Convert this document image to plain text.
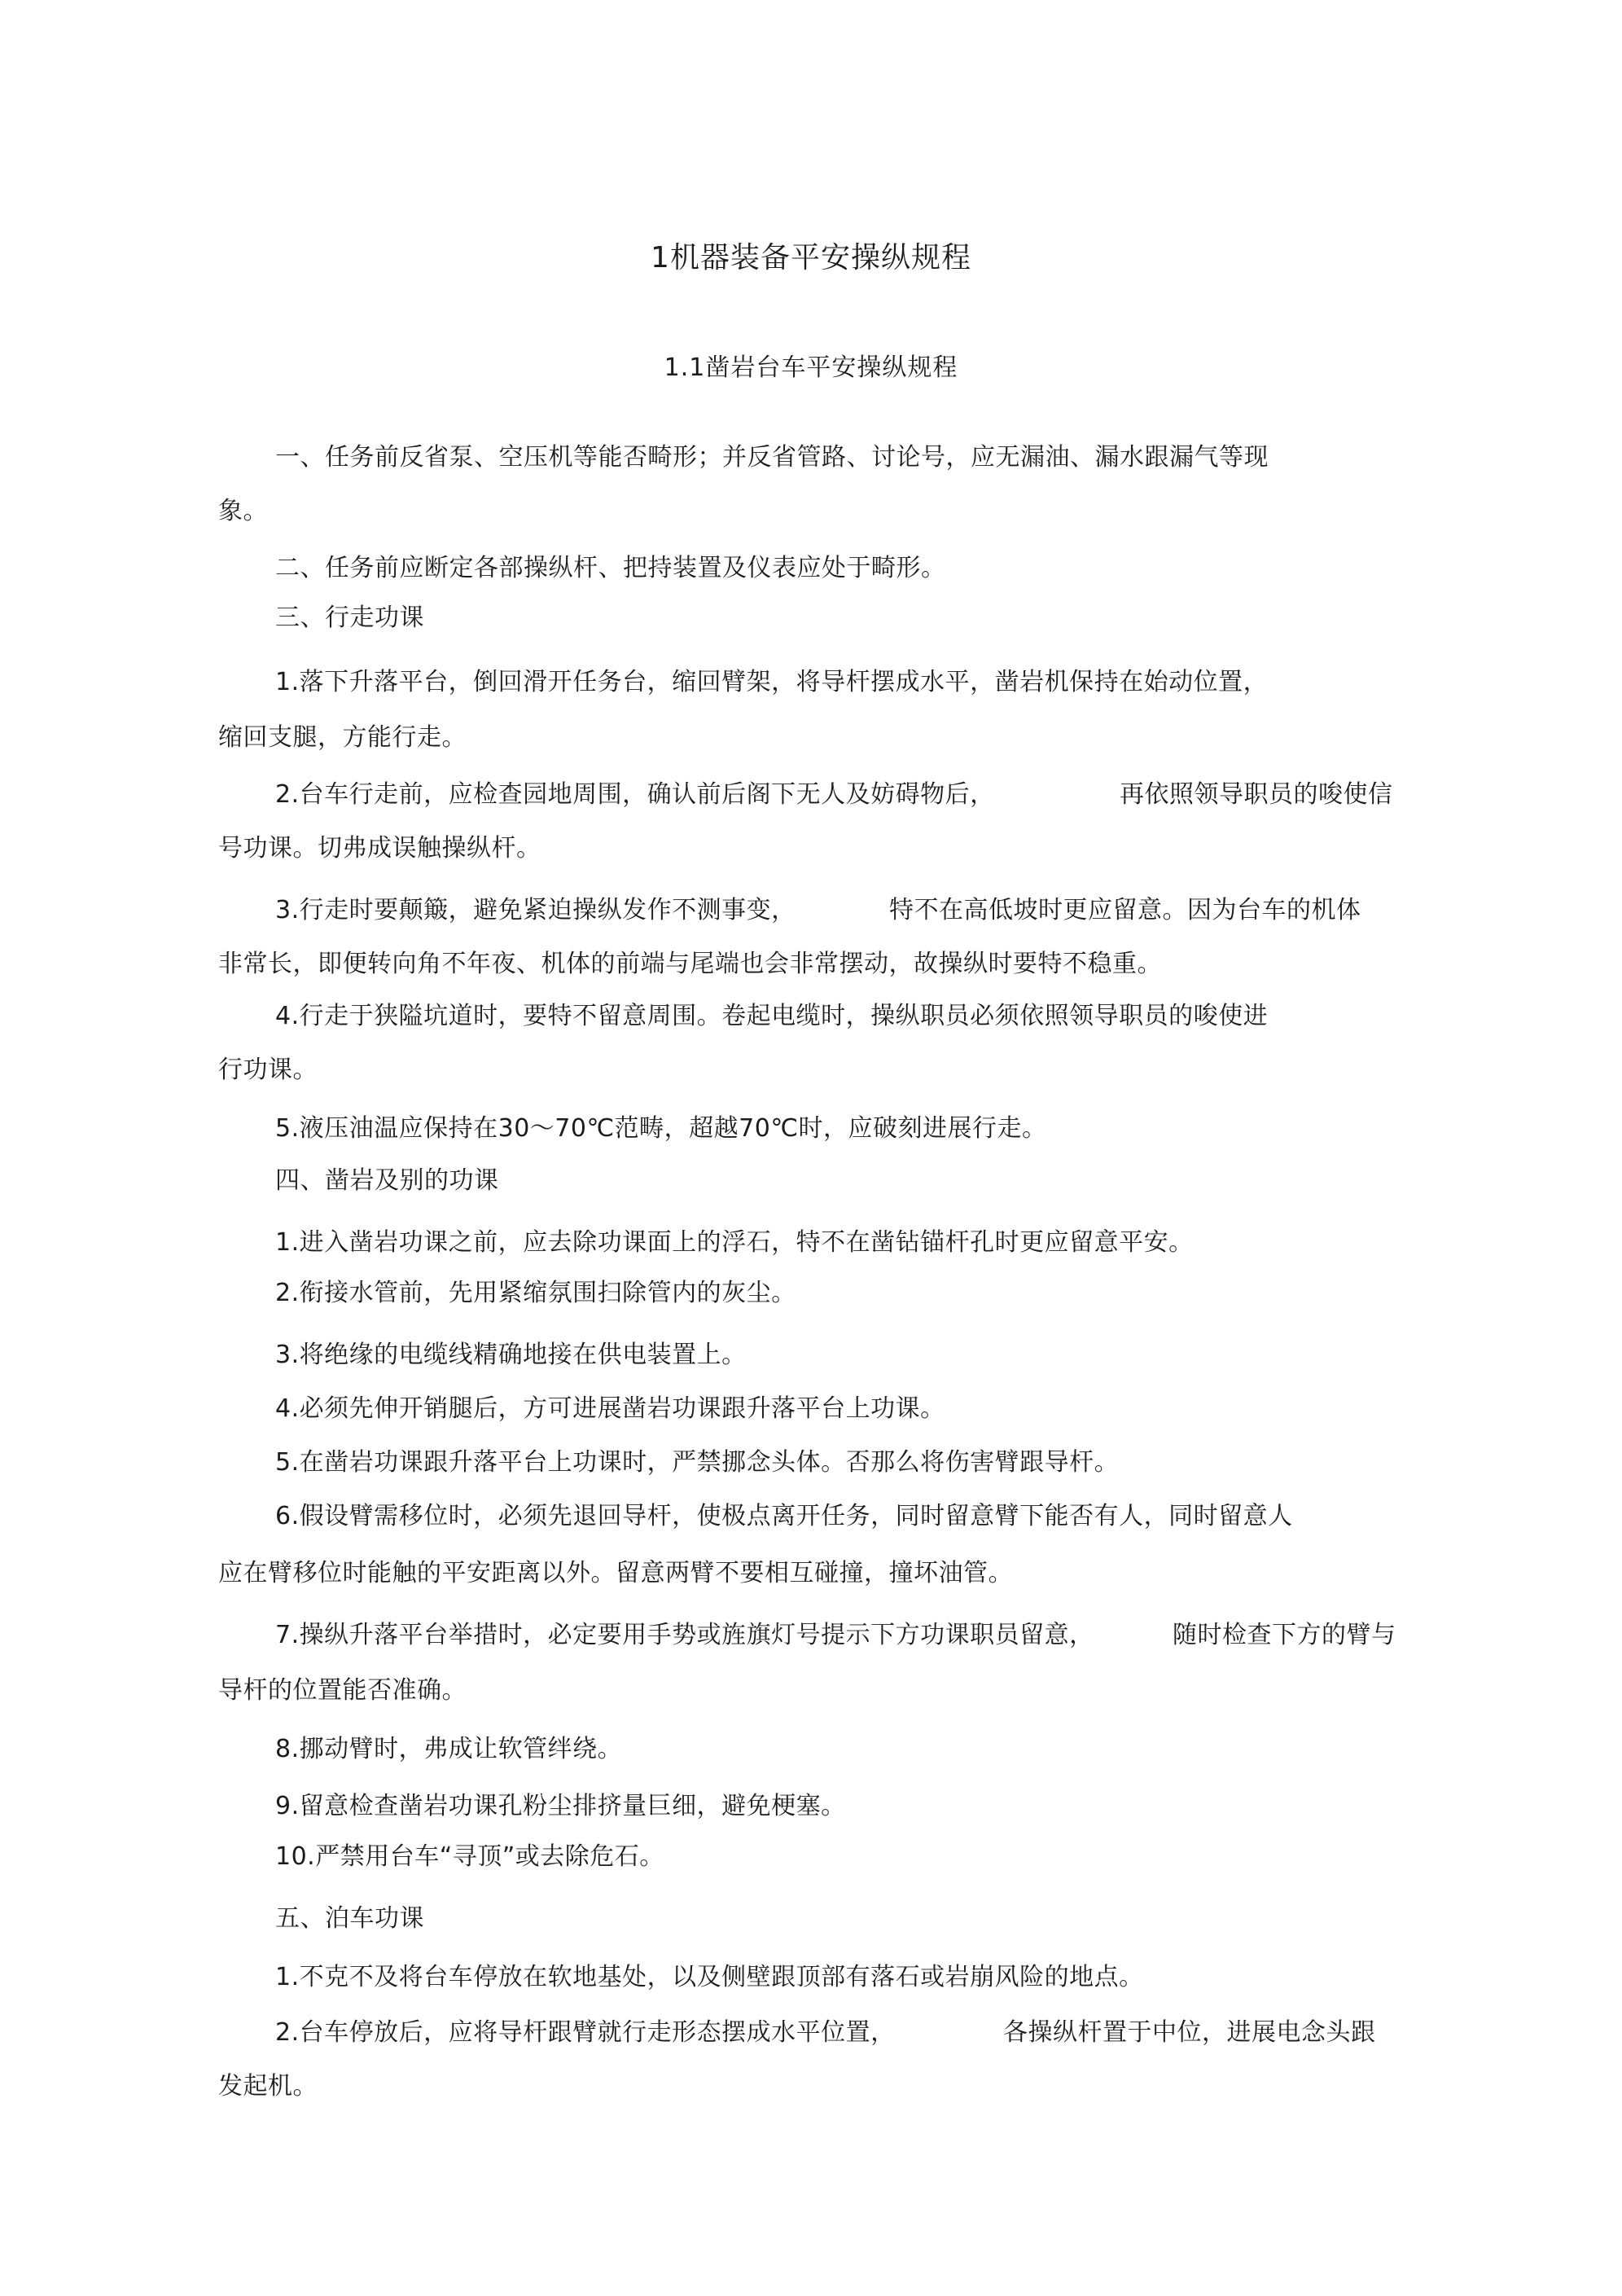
1机器装备平安操纵规程
1.1凿岩台车平安操纵规程
一、任务前反省泵、空压机等能否畸形；并反省管路、讨论号，应无漏油、漏水跟漏气等现
象。
二、任务前应断定各部操纵杆、把持装置及仪表应处于畸形。
三、行走功课
1.落下升落平台，倒回滑开任务台，缩回臂架，将导杆摆成水平，凿岩机保持在始动位置，
缩回支腿，方能行走。
2.台车行走前，应检查园地周围，确认前后阁下无人及妨碍物后，	再依照领导职员的唆使信
号功课。切弗成误触操纵杆。
3.行走时要颠簸，避免紧迫操纵发作不测事变，	特不在高低坡时更应留意。因为台车的机体
非常长，即便转向角不年夜、机体的前端与尾端也会非常摆动，故操纵时要特不稳重。
4.行走于狭隘坑道时，要特不留意周围。卷起电缆时，操纵职员必须依照领导职员的唆使进
行功课。
5.液压油温应保持在30～70℃范畴，超越70℃时，应破刻进展行走。
四、凿岩及别的功课
1.进入凿岩功课之前，应去除功课面上的浮石，特不在凿钻锚杆孔时更应留意平安。
2.衔接水管前，先用紧缩氛围扫除管内的灰尘。
3.将绝缘的电缆线精确地接在供电装置上。
4.必须先伸开销腿后，方可进展凿岩功课跟升落平台上功课。
5.在凿岩功课跟升落平台上功课时，严禁挪念头体。否那么将伤害臂跟导杆。
6.假设臂需移位时，必须先退回导杆，使极点离开任务，同时留意臂下能否有人，同时留意人
应在臂移位时能触的平安距离以外。留意两臂不要相互碰撞，撞坏油管。
7.操纵升落平台举措时，必定要用手势或旌旗灯号提示下方功课职员留意，	随时检查下方的臂与
导杆的位置能否准确。
8.挪动臂时，弗成让软管绊绕。
9.留意检查凿岩功课孔粉尘排挤量巨细，避免梗塞。
10.严禁用台车“寻顶”或去除危石。
五、泊车功课
1.不克不及将台车停放在软地基处，以及侧壁跟顶部有落石或岩崩风险的地点。
2.台车停放后，应将导杆跟臂就行走形态摆成水平位置，	各操纵杆置于中位，进展电念头跟
发起机。
